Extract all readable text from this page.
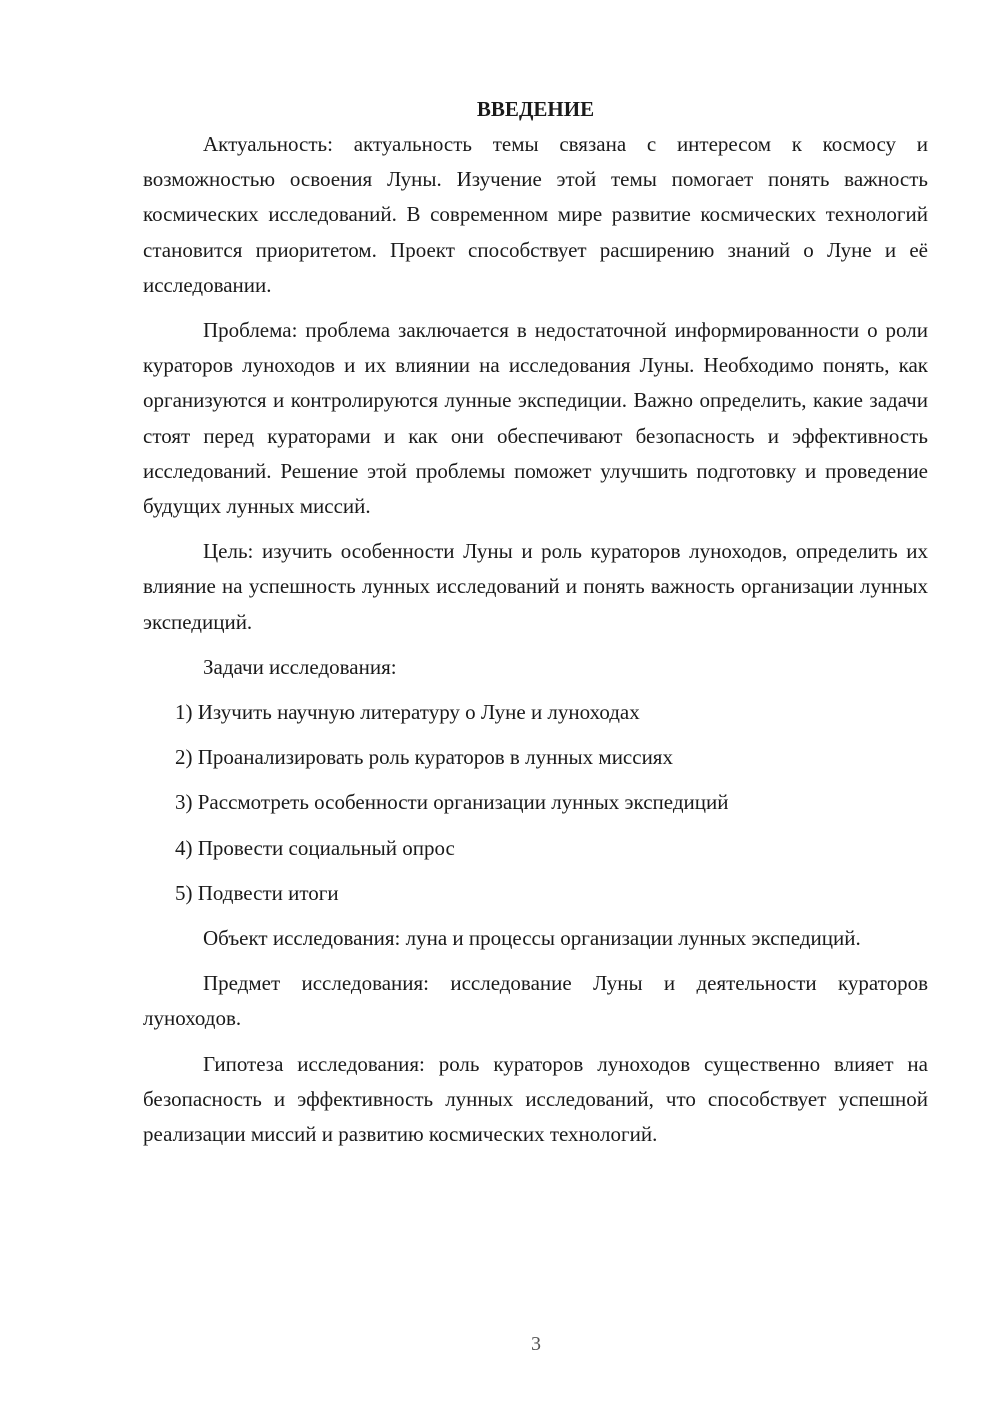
ВВЕДЕНИЕ

Актуальность: актуальность темы связана с интересом к космосу и возможностью освоения Луны. Изучение этой темы помогает понять важность космических исследований. В современном мире развитие космических технологий становится приоритетом. Проект способствует расширению знаний о Луне и её исследовании.

Проблема: проблема заключается в недостаточной информированности о роли кураторов луноходов и их влиянии на исследования Луны. Необходимо понять, как организуются и контролируются лунные экспедиции. Важно определить, какие задачи стоят перед кураторами и как они обеспечивают безопасность и эффективность исследований. Решение этой проблемы поможет улучшить подготовку и проведение будущих лунных миссий.

Цель: изучить особенности Луны и роль кураторов луноходов, определить их влияние на успешность лунных исследований и понять важность организации лунных экспедиций.

Задачи исследования:

1) Изучить научную литературу о Луне и луноходах
2) Проанализировать роль кураторов в лунных миссиях
3) Рассмотреть особенности организации лунных экспедиций
4) Провести социальный опрос
5) Подвести итоги

Объект исследования: луна и процессы организации лунных экспедиций.

Предмет исследования: исследование Луны и деятельности кураторов луноходов.

Гипотеза исследования: роль кураторов луноходов существенно влияет на безопасность и эффективность лунных исследований, что способствует успешной реализации миссий и развитию космических технологий.

3
